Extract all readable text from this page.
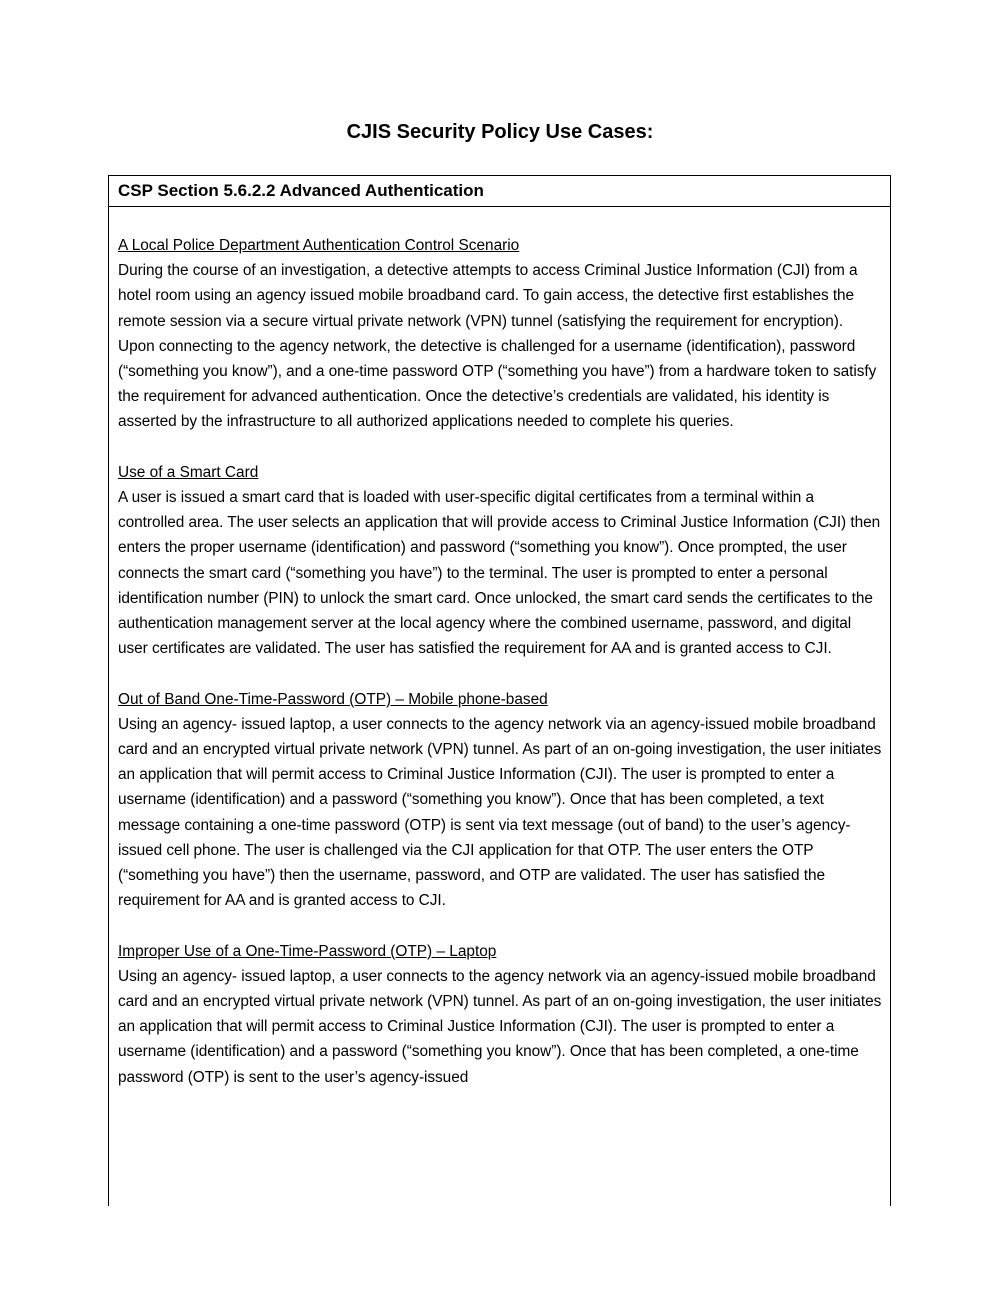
CJIS Security Policy Use Cases:
CSP Section 5.6.2.2 Advanced Authentication
A Local Police Department Authentication Control Scenario

During the course of an investigation, a detective attempts to access Criminal Justice Information (CJI) from a hotel room using an agency issued mobile broadband card. To gain access, the detective first establishes the remote session via a secure virtual private network (VPN) tunnel (satisfying the requirement for encryption). Upon connecting to the agency network, the detective is challenged for a username (identification), password (“something you know”), and a one-time password OTP (“something you have”) from a hardware token to satisfy the requirement for advanced authentication. Once the detective’s credentials are validated, his identity is asserted by the infrastructure to all authorized applications needed to complete his queries.

Use of a Smart Card

A user is issued a smart card that is loaded with user-specific digital certificates from a terminal within a controlled area. The user selects an application that will provide access to Criminal Justice Information (CJI) then enters the proper username (identification) and password (“something you know”). Once prompted, the user connects the smart card (“something you have”) to the terminal. The user is prompted to enter a personal identification number (PIN) to unlock the smart card. Once unlocked, the smart card sends the certificates to the authentication management server at the local agency where the combined username, password, and digital user certificates are validated. The user has satisfied the requirement for AA and is granted access to CJI.

Out of Band One-Time-Password (OTP) – Mobile phone-based

Using an agency- issued laptop, a user connects to the agency network via an agency-issued mobile broadband card and an encrypted virtual private network (VPN) tunnel. As part of an on-going investigation, the user initiates an application that will permit access to Criminal Justice Information (CJI). The user is prompted to enter a username (identification) and a password (“something you know”). Once that has been completed, a text message containing a one-time password (OTP) is sent via text message (out of band) to the user’s agency-issued cell phone. The user is challenged via the CJI application for that OTP. The user enters the OTP (“something you have”) then the username, password, and OTP are validated. The user has satisfied the requirement for AA and is granted access to CJI.

Improper Use of a One-Time-Password (OTP) – Laptop

Using an agency- issued laptop, a user connects to the agency network via an agency-issued mobile broadband card and an encrypted virtual private network (VPN) tunnel. As part of an on-going investigation, the user initiates an application that will permit access to Criminal Justice Information (CJI). The user is prompted to enter a username (identification) and a password (“something you know”). Once that has been completed, a one-time password (OTP) is sent to the user’s agency-issued
